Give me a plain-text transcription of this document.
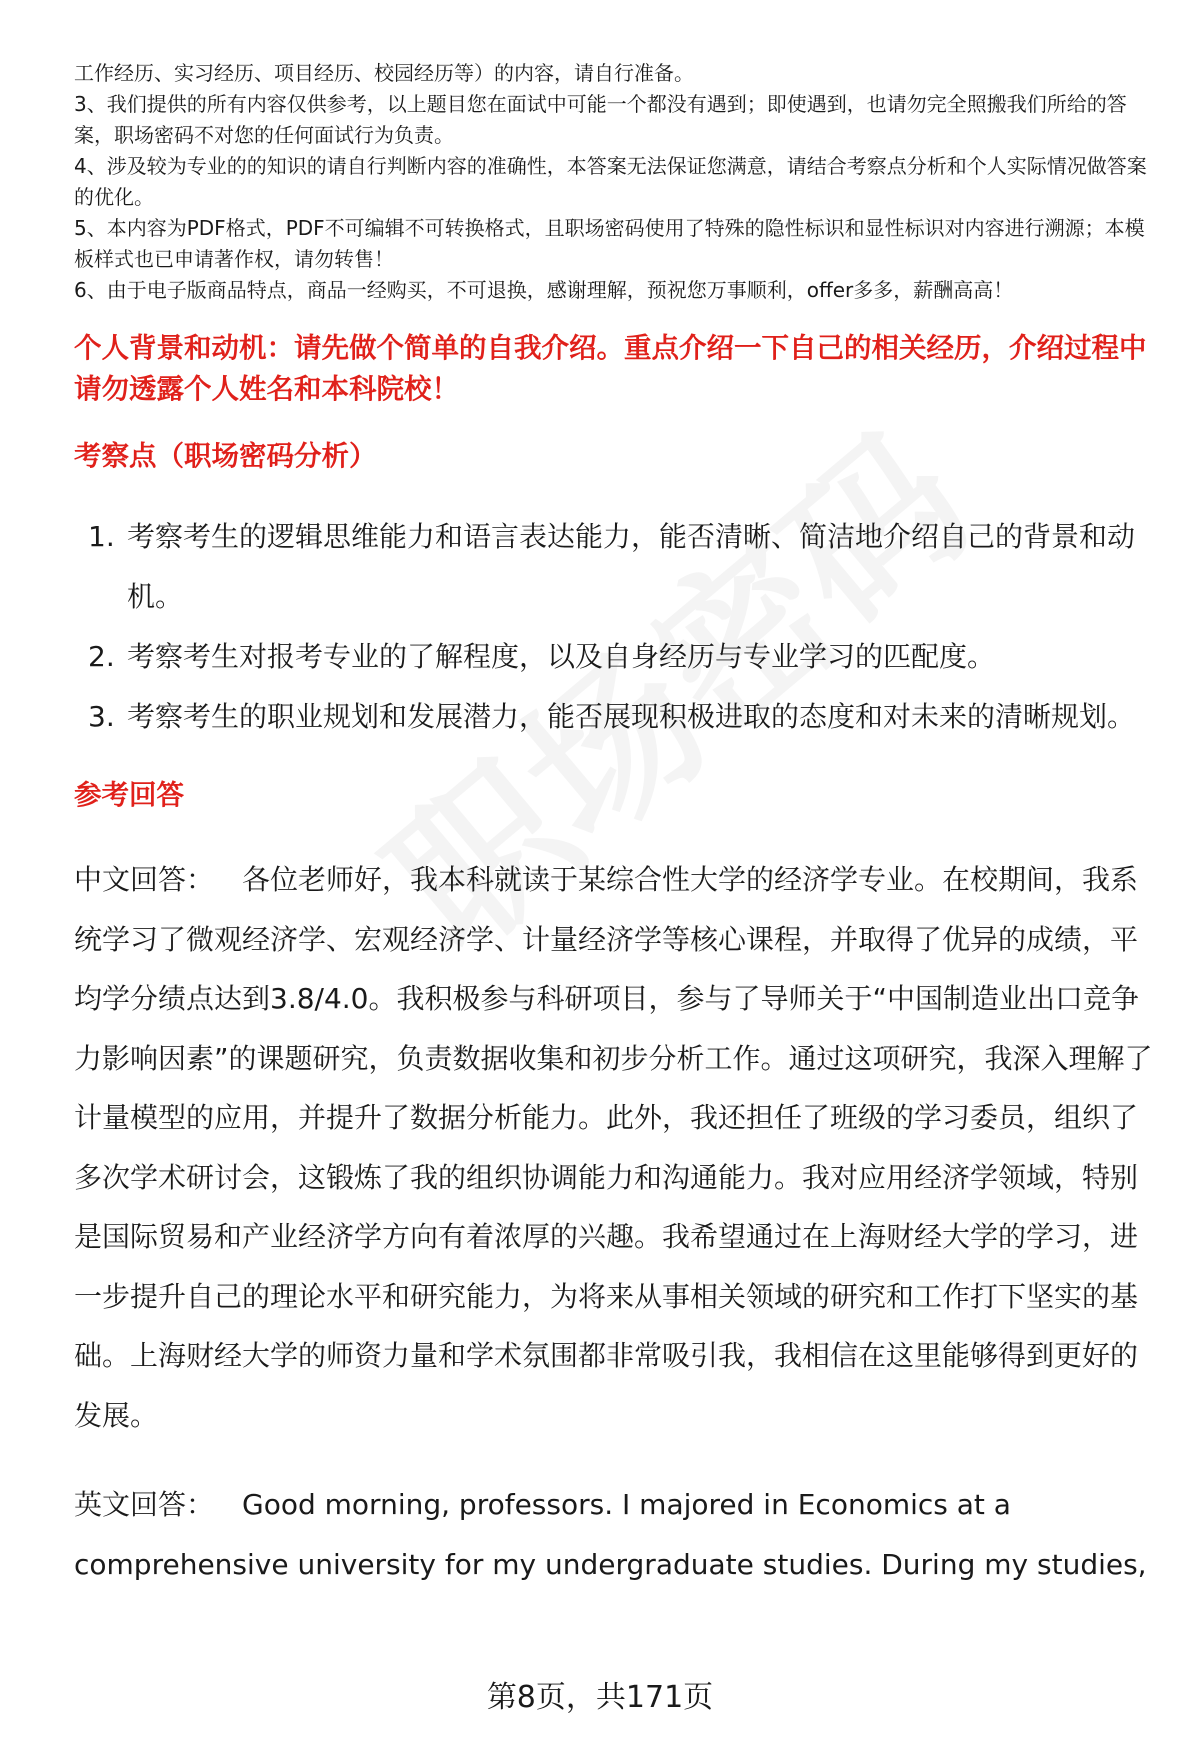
工作经历、实习经历、项目经历、校园经历等）的内容，请自行准备。

3、我们提供的所有内容仅供参考，以上题目您在面试中可能一个都没有遇到；即使遇到，也请勿完全照搬我们所给的答案，职场密码不对您的任何面试行为负责。

4、涉及较为专业的的知识的请自行判断内容的准确性，本答案无法保证您满意，请结合考察点分析和个人实际情况做答案的优化。

5、本内容为PDF格式，PDF不可编辑不可转换格式，且职场密码使用了特殊的隐性标识和显性标识对内容进行溯源；本模板样式也已申请著作权，请勿转售！

6、由于电子版商品特点，商品一经购买，不可退换，感谢理解，预祝您万事顺利，offer多多，薪酬高高！

个人背景和动机：请先做个简单的自我介绍。重点介绍一下自己的相关经历，介绍过程中请勿透露个人姓名和本科院校！
考察点（职场密码分析）
1. 考察考生的逻辑思维能力和语言表达能力，能否清晰、简洁地介绍自己的背景和动机。
2. 考察考生对报考专业的了解程度，以及自身经历与专业学习的匹配度。
3. 考察考生的职业规划和发展潜力，能否展现积极进取的态度和对未来的清晰规划。
参考回答

中文回答： 各位老师好，我本科就读于某综合性大学的经济学专业。在校期间，我系统学习了微观经济学、宏观经济学、计量经济学等核心课程，并取得了优异的成绩，平均学分绩点达到3.8/4.0。我积极参与科研项目，参与了导师关于“中国制造业出口竞争力影响因素”的课题研究，负责数据收集和初步分析工作。通过这项研究，我深入理解了计量模型的应用，并提升了数据分析能力。此外，我还担任了班级的学习委员，组织了多次学术研讨会，这锻炼了我的组织协调能力和沟通能力。我对应用经济学领域，特别是国际贸易和产业经济学方向有着浓厚的兴趣。我希望通过在上海财经大学的学习，进一步提升自己的理论水平和研究能力，为将来从事相关领域的研究和工作打下坚实的基础。上海财经大学的师资力量和学术氛围都非常吸引我，我相信在这里能够得到更好的发展。

英文回答： Good morning, professors. I majored in Economics at a comprehensive university for my undergraduate studies. During my studies,

第8页，共171页
